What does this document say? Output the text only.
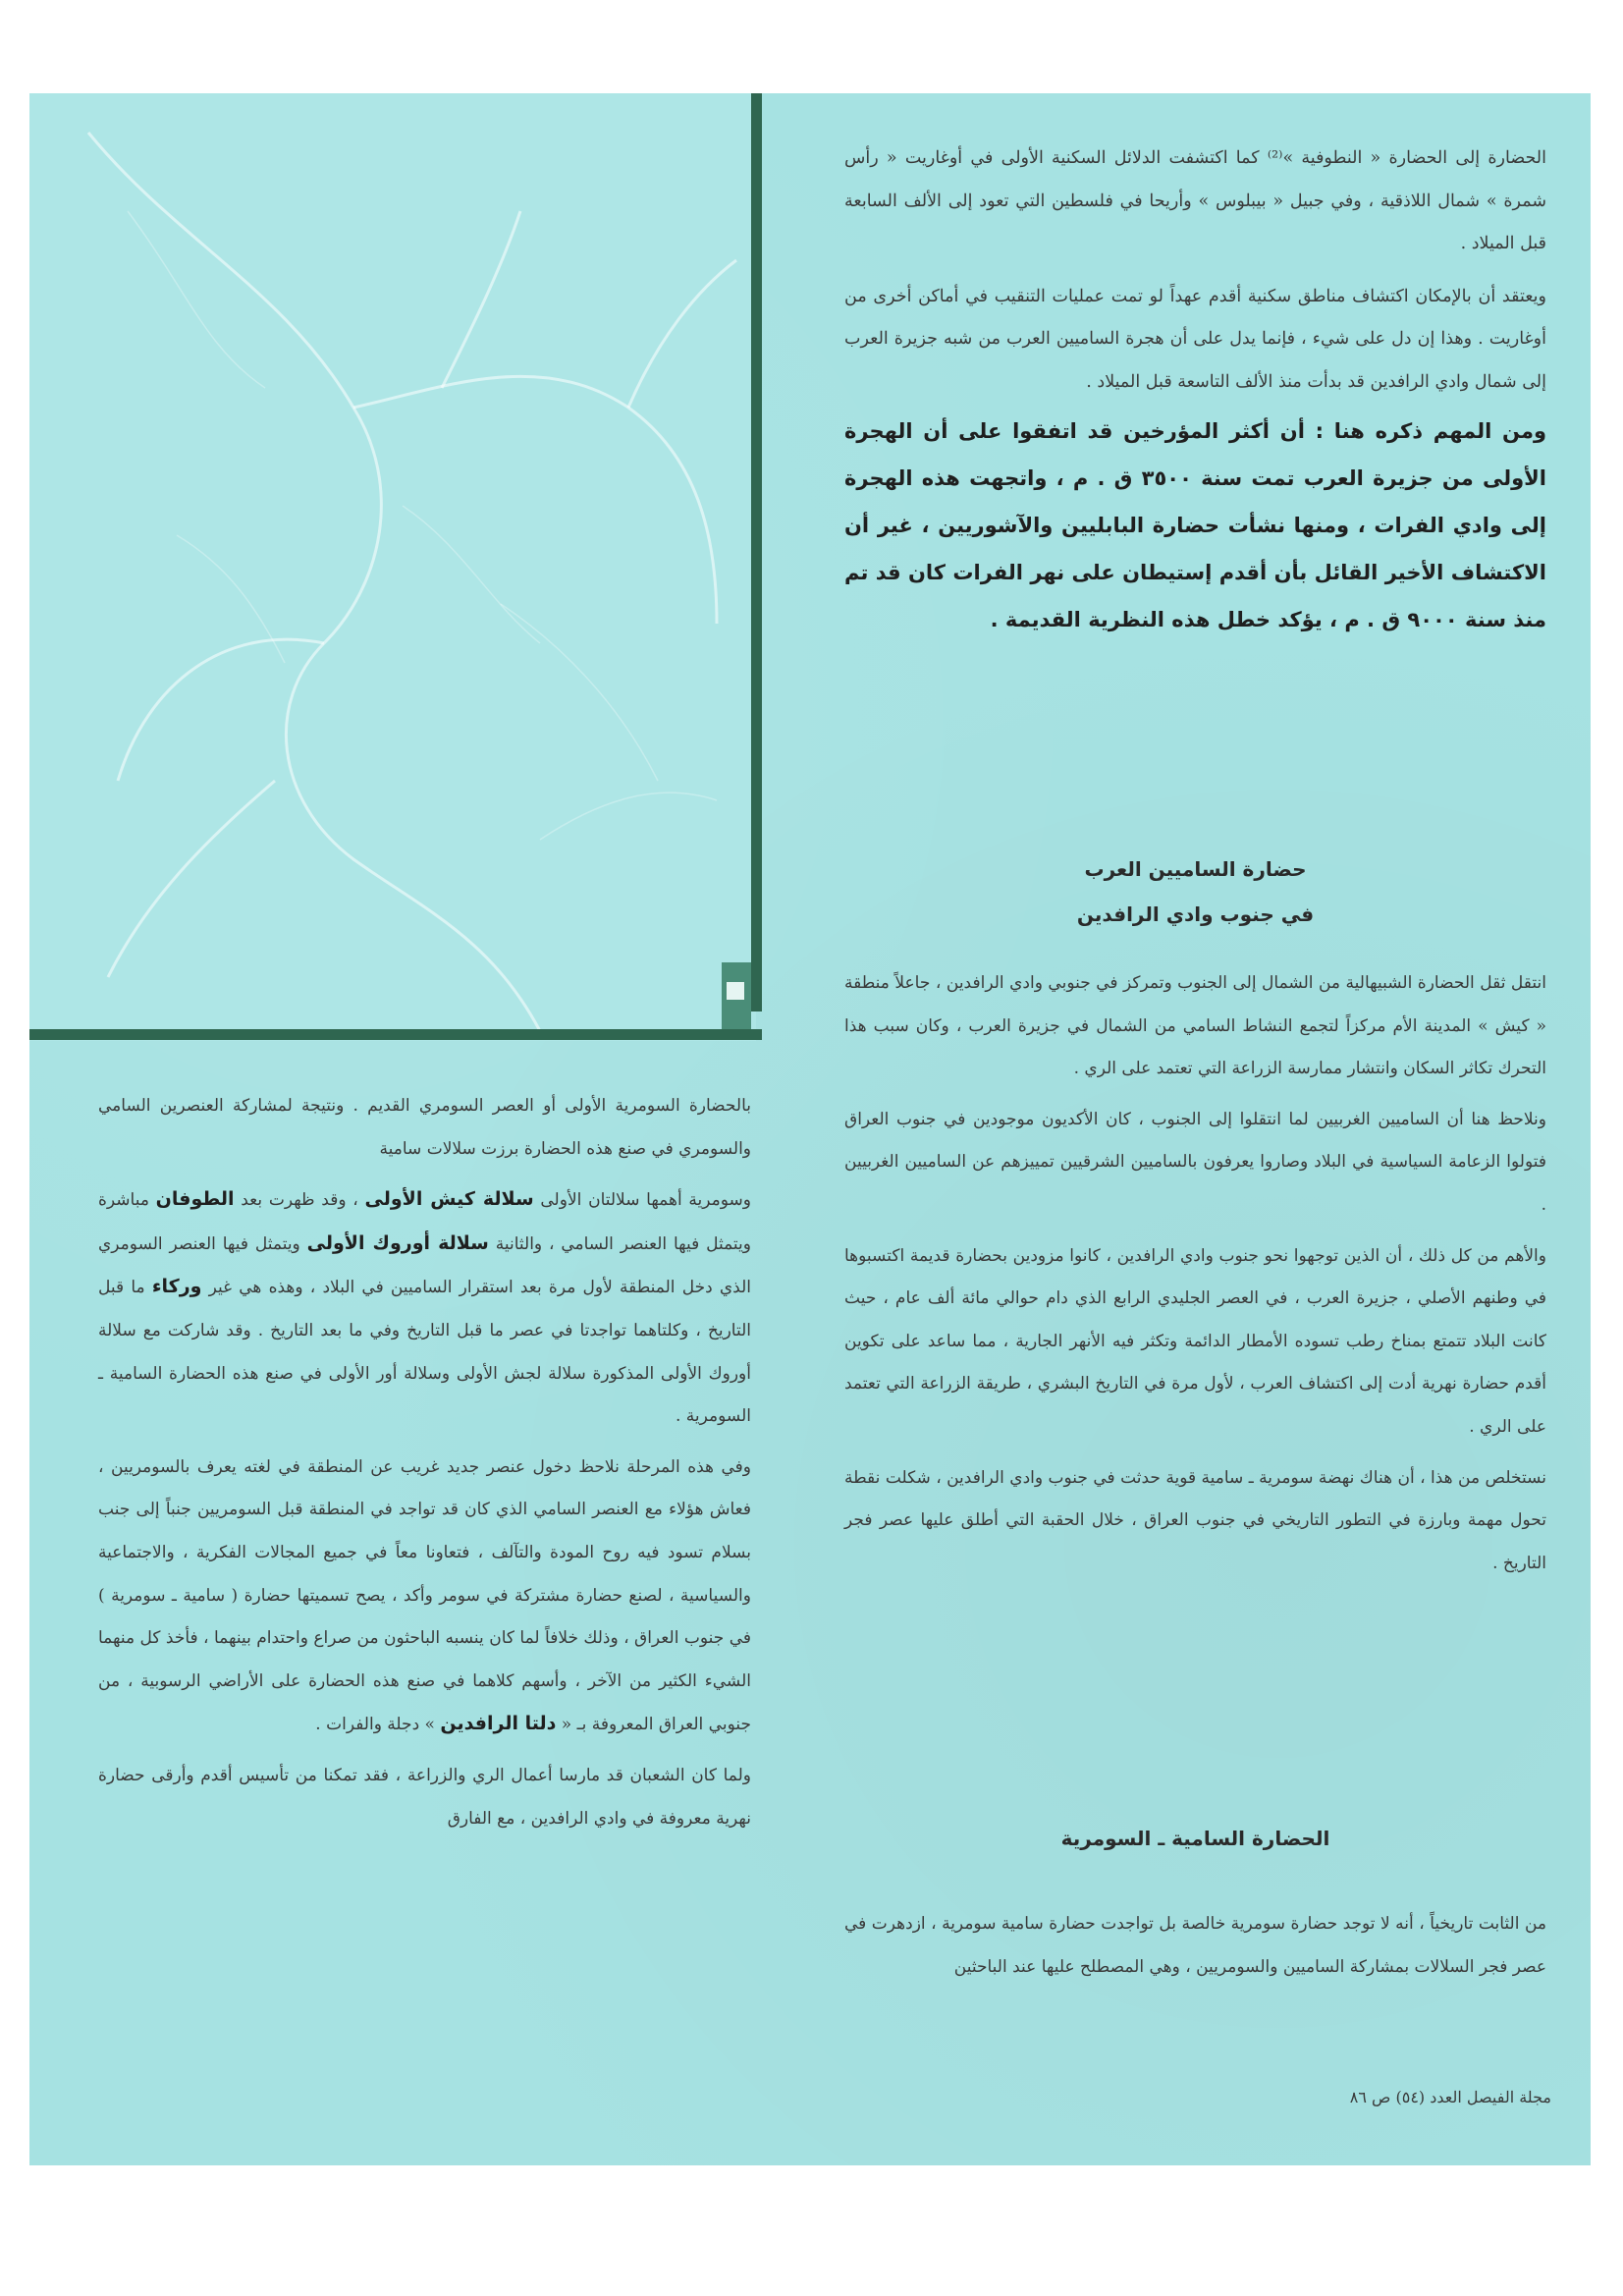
الحضارة إلى الحضارة « النطوفية »⁽²⁾ كما اكتشفت الدلائل السكنية الأولى في أوغاريت « رأس شمرة » شمال اللاذقية ، وفي جبيل « بيبلوس » وأريحا في فلسطين التي تعود إلى الألف السابعة قبل الميلاد .

ويعتقد أن بالإمكان اكتشاف مناطق سكنية أقدم عهداً لو تمت عمليات التنقيب في أماكن أخرى من أوغاريت . وهذا إن دل على شيء ، فإنما يدل على أن هجرة الساميين العرب من شبه جزيرة العرب إلى شمال وادي الرافدين قد بدأت منذ الألف التاسعة قبل الميلاد .

ومن المهم ذكره هنا : أن أكثر المؤرخين قد اتفقوا على أن الهجرة الأولى من جزيرة العرب تمت سنة ٣٥٠٠ ق . م ، واتجهت هذه الهجرة إلى وادي الفرات ، ومنها نشأت حضارة البابليين والآشوريين ، غير أن الاكتشاف الأخير القائل بأن أقدم إستيطان على نهر الفرات كان قد تم منذ سنة ٩٠٠٠ ق . م ، يؤكد خطل هذه النظرية القديمة .

حضارة الساميين العرب
في جنوب وادي الرافدين

انتقل ثقل الحضارة الشبيهالية من الشمال إلى الجنوب وتمركز في جنوبي وادي الرافدين ، جاعلاً منطقة « كيش » المدينة الأم مركزاً لتجمع النشاط السامي من الشمال في جزيرة العرب ، وكان سبب هذا التحرك تكاثر السكان وانتشار ممارسة الزراعة التي تعتمد على الري .

ونلاحظ هنا أن الساميين الغربيين لما انتقلوا إلى الجنوب ، كان الأكديون موجودين في جنوب العراق فتولوا الزعامة السياسية في البلاد وصاروا يعرفون بالساميين الشرقيين تمييزهم عن الساميين الغربيين .

والأهم من كل ذلك ، أن الذين توجهوا نحو جنوب وادي الرافدين ، كانوا مزودين بحضارة قديمة اكتسبوها في وطنهم الأصلي ، جزيرة العرب ، في العصر الجليدي الرابع الذي دام حوالي مائة ألف عام ، حيث كانت البلاد تتمتع بمناخ رطب تسوده الأمطار الدائمة وتكثر فيه الأنهر الجارية ، مما ساعد على تكوين أقدم حضارة نهرية أدت إلى اكتشاف العرب ، لأول مرة في التاريخ البشري ، طريقة الزراعة التي تعتمد على الري .

نستخلص من هذا ، أن هناك نهضة سومرية ـ سامية قوية حدثت في جنوب وادي الرافدين ، شكلت نقطة تحول مهمة وبارزة في التطور التاريخي في جنوب العراق ، خلال الحقبة التي أطلق عليها عصر فجر التاريخ .

الحضارة السامية ـ السومرية

من الثابت تاريخياً ، أنه لا توجد حضارة سومرية خالصة بل تواجدت حضارة سامية سومرية ، ازدهرت في عصر فجر السلالات بمشاركة الساميين والسومريين ، وهي المصطلح عليها عند الباحثين

بالحضارة السومرية الأولى أو العصر السومري القديم . ونتيجة لمشاركة العنصرين السامي والسومري في صنع هذه الحضارة برزت سلالات سامية

وسومرية أهمها سلالتان الأولى سلالة كيش الأولى ، وقد ظهرت بعد الطوفان مباشرة ويتمثل فيها العنصر السامي ، والثانية سلالة أوروك الأولى ويتمثل فيها العنصر السومري الذي دخل المنطقة لأول مرة بعد استقرار الساميين في البلاد ، وهذه هي غير وركاء ما قبل التاريخ ، وكلتاهما تواجدتا في عصر ما قبل التاريخ وفي ما بعد التاريخ . وقد شاركت مع سلالة أوروك الأولى المذكورة سلالة لجش الأولى وسلالة أور الأولى في صنع هذه الحضارة السامية ـ السومرية .

وفي هذه المرحلة نلاحظ دخول عنصر جديد غريب عن المنطقة في لغته يعرف بالسومريين ، فعاش هؤلاء مع العنصر السامي الذي كان قد تواجد في المنطقة قبل السومريين جنباً إلى جنب بسلام تسود فيه روح المودة والتآلف ، فتعاونا معاً في جميع المجالات الفكرية ، والاجتماعية والسياسية ، لصنع حضارة مشتركة في سومر وأكد ، يصح تسميتها حضارة ( سامية ـ سومرية ) في جنوب العراق ، وذلك خلافاً لما كان ينسبه الباحثون من صراع واحتدام بينهما ، فأخذ كل منهما الشيء الكثير من الآخر ، وأسهم كلاهما في صنع هذه الحضارة على الأراضي الرسوبية ، من جنوبي العراق المعروفة بـ « دلتا الرافدين » دجلة والفرات .

ولما كان الشعبان قد مارسا أعمال الري والزراعة ، فقد تمكنا من تأسيس أقدم وأرقى حضارة نهرية معروفة في وادي الرافدين ، مع الفارق

مجلة الفيصل العدد (٥٤) ص ٨٦
